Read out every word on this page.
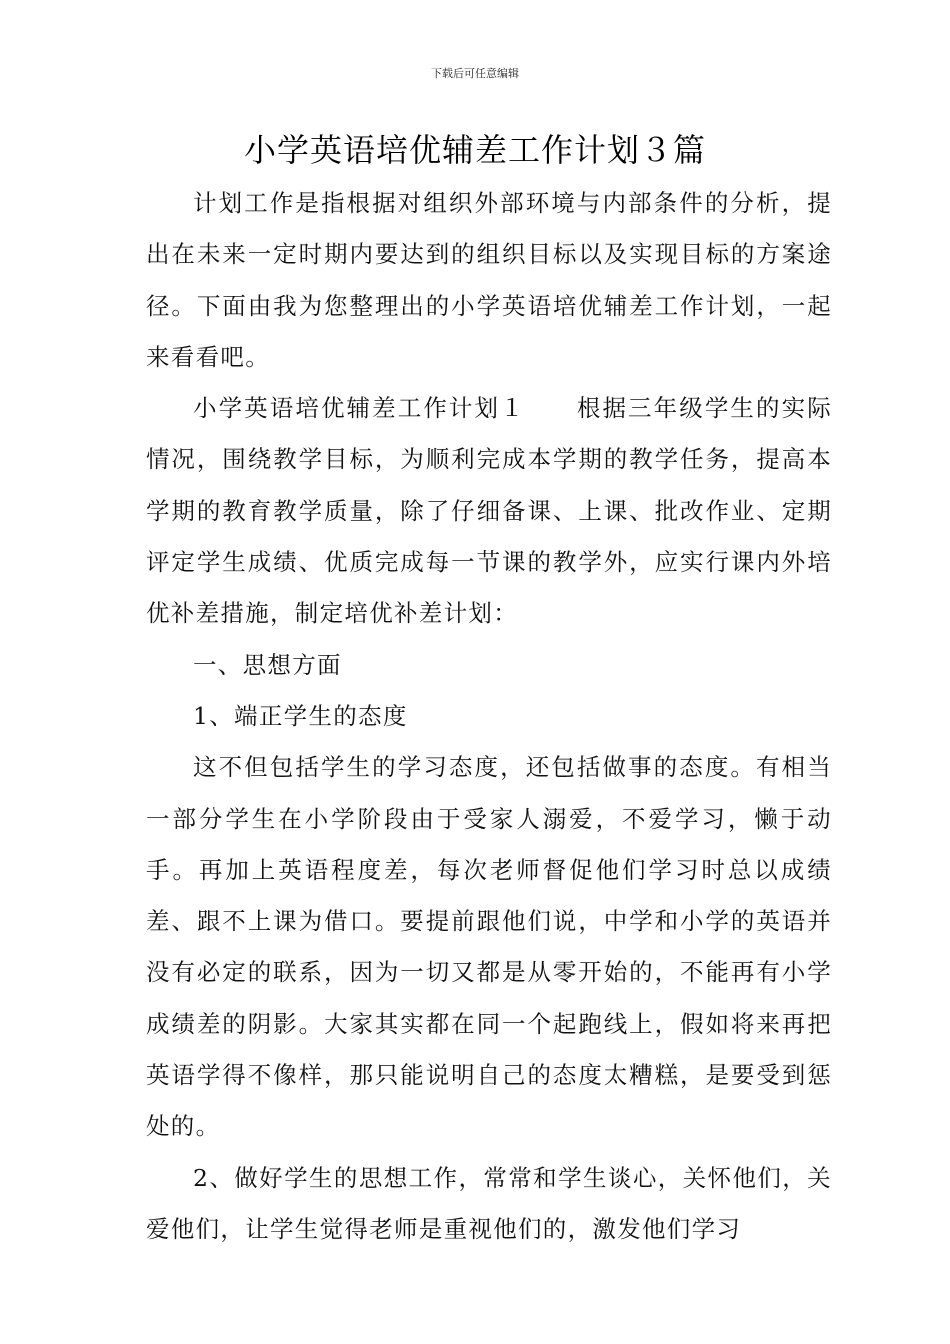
下载后可任意编辑
小学英语培优辅差工作计划３篇

计划工作是指根据对组织外部环境与内部条件的分析，提出在未来一定时期内要达到的组织目标以及实现目标的方案途径。下面由我为您整理出的小学英语培优辅差工作计划，一起来看看吧。

小学英语培优辅差工作计划１　　根据三年级学生的实际情况，围绕教学目标，为顺利完成本学期的教学任务，提高本学期的教育教学质量，除了仔细备课、上课、批改作业、定期评定学生成绩、优质完成每一节课的教学外，应实行课内外培优补差措施，制定培优补差计划：

一、思想方面

1、端正学生的态度

这不但包括学生的学习态度，还包括做事的态度。有相当一部分学生在小学阶段由于受家人溺爱，不爱学习，懒于动手。再加上英语程度差，每次老师督促他们学习时总以成绩差、跟不上课为借口。要提前跟他们说，中学和小学的英语并没有必定的联系，因为一切又都是从零开始的，不能再有小学成绩差的阴影。大家其实都在同一个起跑线上，假如将来再把英语学得不像样，那只能说明自己的态度太糟糕，是要受到惩处的。

2、做好学生的思想工作，常常和学生谈心，关怀他们，关爱他们，让学生觉得老师是重视他们的，激发他们学习
